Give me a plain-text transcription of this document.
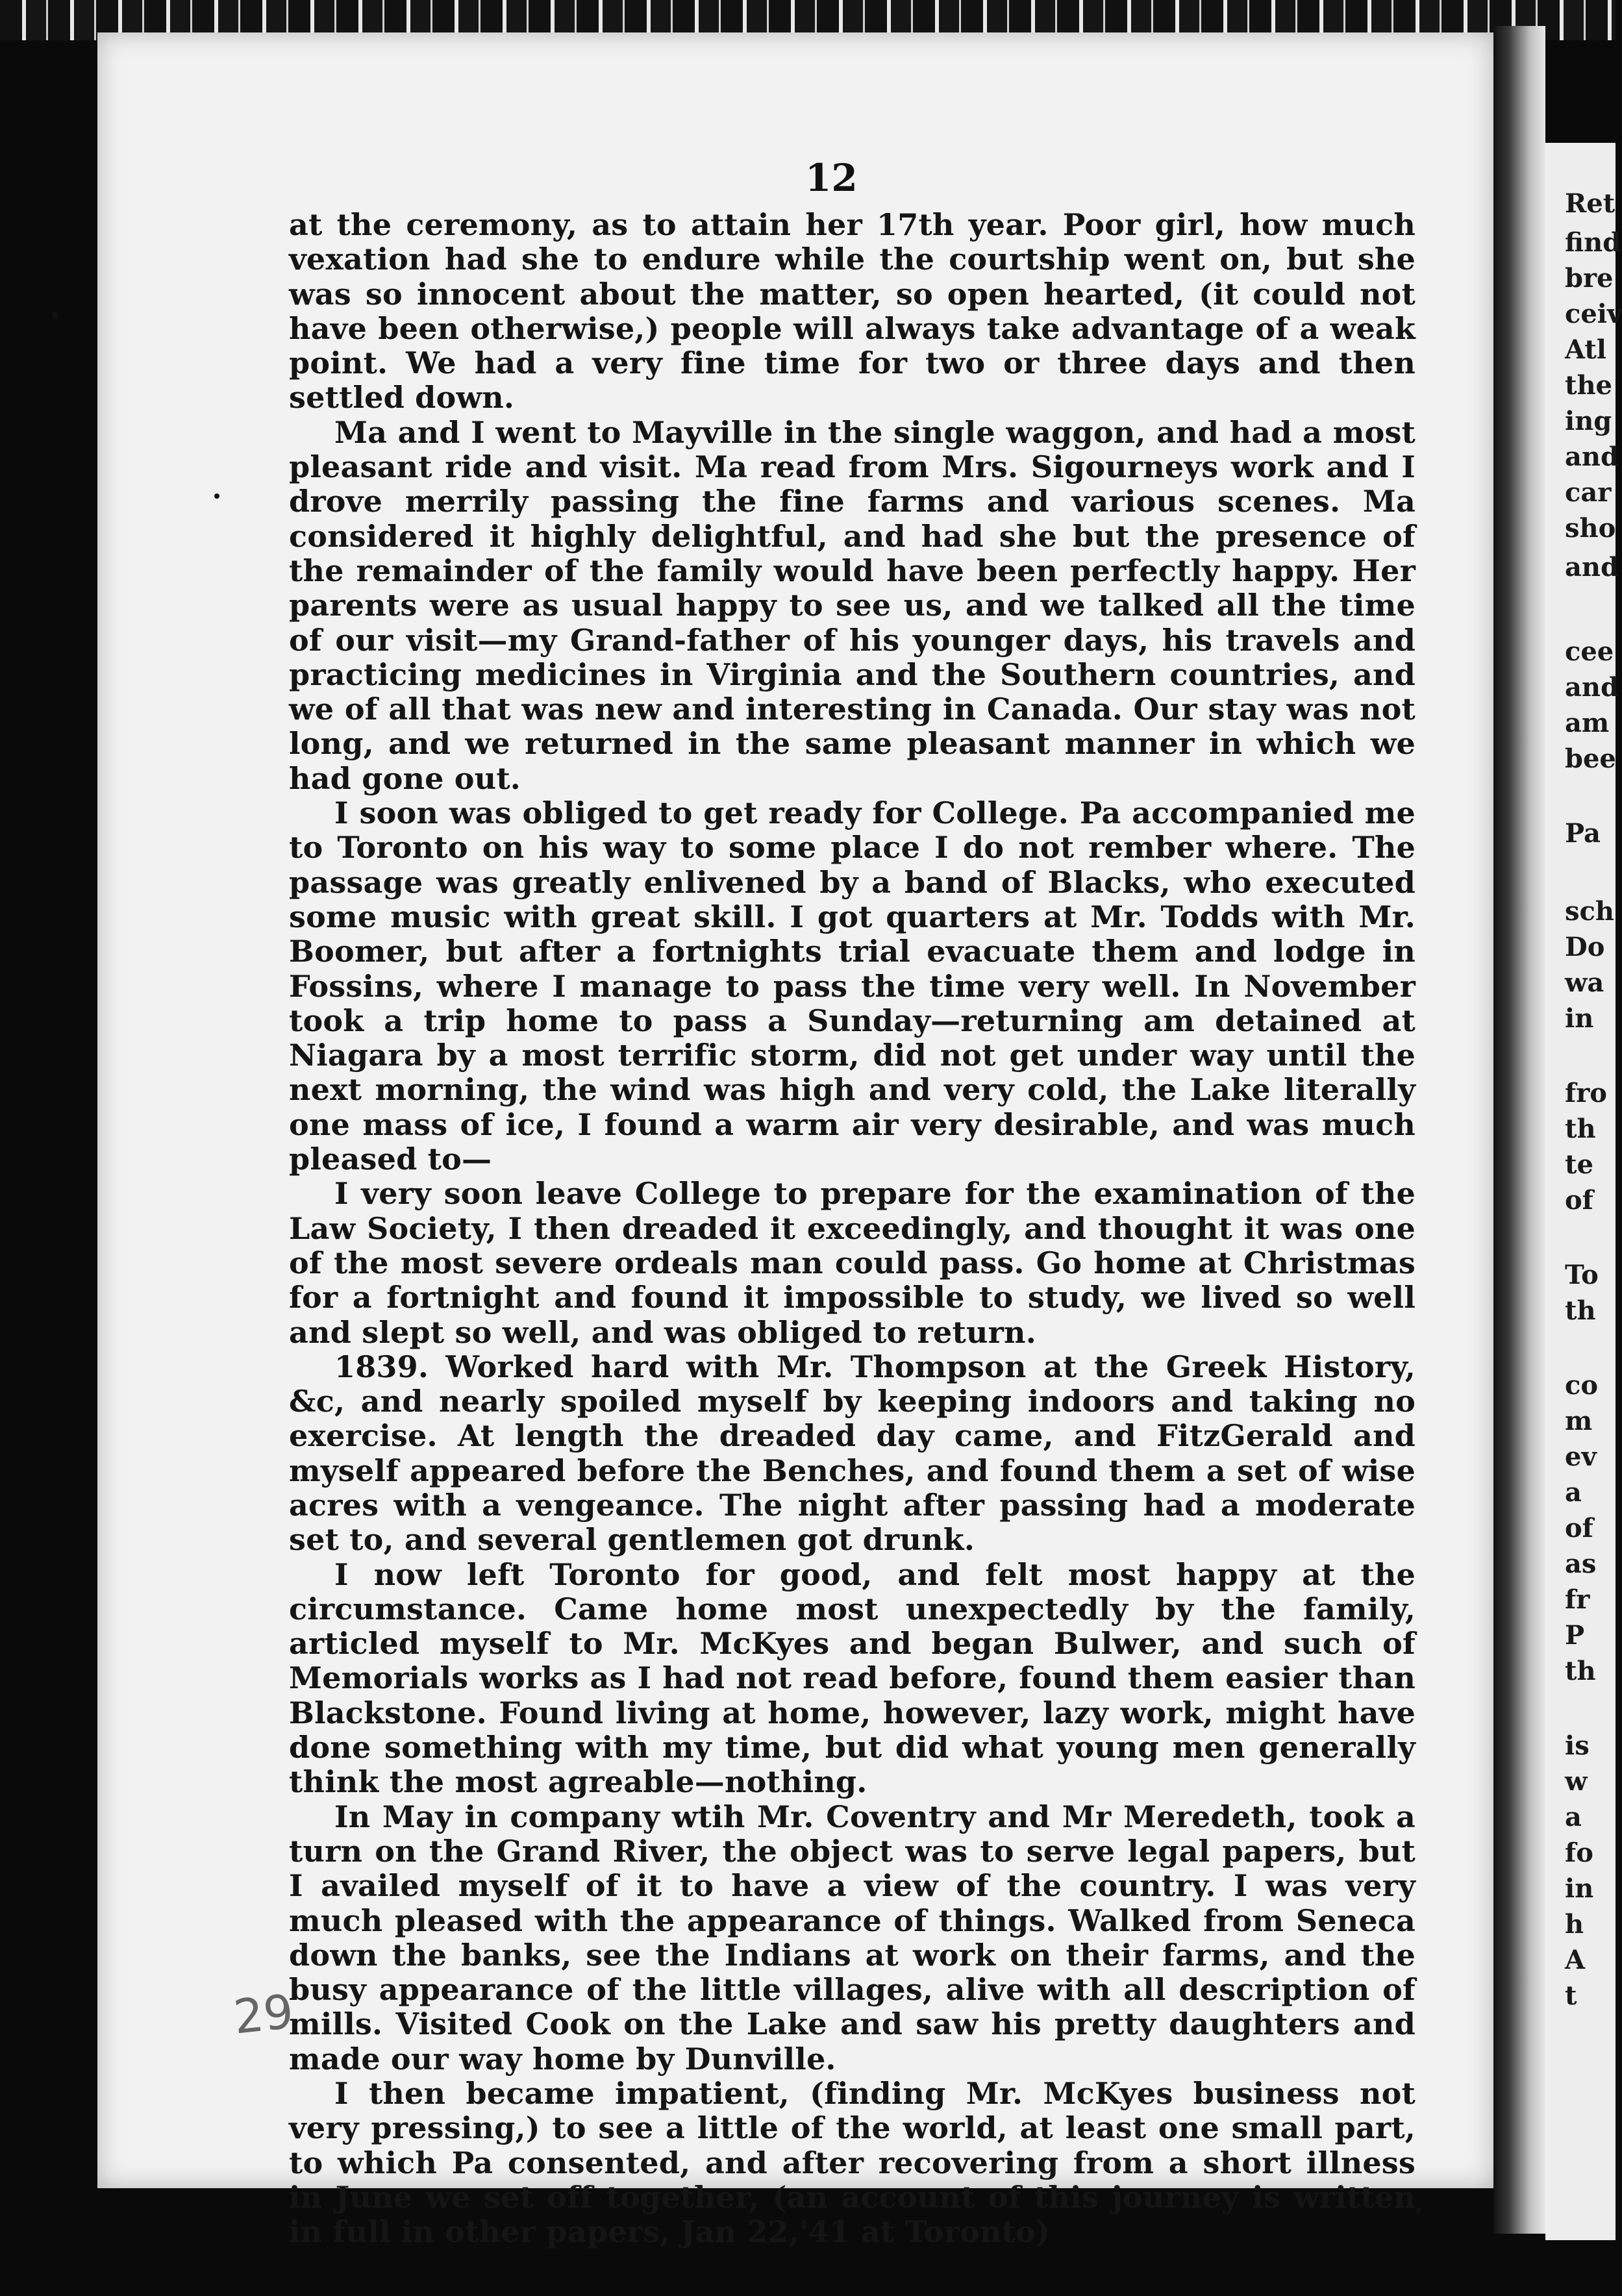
Ret
find
bre
ceiv
Atl
the
ing
and
car
sho
and
cee
and
am
bee
Pa
sch
Do
wa
in
fro
th
te
of
To
th
co
m
ev
a
of
as
fr
P
th
is
w
a
fo
in
h
A
t
12

at the ceremony, as to attain her 17th year. Poor girl, how much vexation had she to endure while the courtship went on, but she was so innocent about the matter, so open hearted, (it could not have been otherwise,) people will always take advantage of a weak point. We had a very fine time for two or three days and then settled down.

Ma and I went to Mayville in the single waggon, and had a most pleasant ride and visit. Ma read from Mrs. Sigourneys work and I drove merrily passing the fine farms and various scenes. Ma considered it highly delightful, and had she but the presence of the remainder of the family would have been perfectly happy. Her parents were as usual happy to see us, and we talked all the time of our visit—my Grand-father of his younger days, his travels and practicing medicines in Virginia and the Southern countries, and we of all that was new and interesting in Canada. Our stay was not long, and we returned in the same pleasant manner in which we had gone out.

I soon was obliged to get ready for College. Pa accompanied me to Toronto on his way to some place I do not rember where. The passage was greatly enlivened by a band of Blacks, who executed some music with great skill. I got quarters at Mr. Todds with Mr. Boomer, but after a fortnights trial evacuate them and lodge in Fossins, where I manage to pass the time very well. In November took a trip home to pass a Sunday—returning am detained at Niagara by a most terrific storm, did not get under way until the next morning, the wind was high and very cold, the Lake literally one mass of ice, I found a warm air very desirable, and was much pleased to—

I very soon leave College to prepare for the examination of the Law Society, I then dreaded it exceedingly, and thought it was one of the most severe ordeals man could pass. Go home at Christmas for a fortnight and found it impossible to study, we lived so well and slept so well, and was obliged to return.

1839. Worked hard with Mr. Thompson at the Greek History, &c, and nearly spoiled myself by keeping indoors and taking no exercise. At length the dreaded day came, and FitzGerald and myself appeared before the Benches, and found them a set of wise acres with a vengeance. The night after passing had a moderate set to, and several gentlemen got drunk.

I now left Toronto for good, and felt most happy at the circumstance. Came home most unexpectedly by the family, articled myself to Mr. McKyes and began Bulwer, and such of Memorials works as I had not read before, found them easier than Blackstone. Found living at home, however, lazy work, might have done something with my time, but did what young men generally think the most agreable—nothing.

In May in company wtih Mr. Coventry and Mr Meredeth, took a turn on the Grand River, the object was to serve legal papers, but I availed myself of it to have a view of the country. I was very much pleased with the appearance of things. Walked from Seneca down the banks, see the Indians at work on their farms, and the busy appearance of the little villages, alive with all description of mills. Visited Cook on the Lake and saw his pretty daughters and made our way home by Dunville.

I then became impatient, (finding Mr. McKyes business not very pressing,) to see a little of the world, at least one small part, to which Pa consented, and after recovering from a short illness in June we set off together, (an account of this journey is written in full in other papers, Jan 22,'41 at Toronto)

29
